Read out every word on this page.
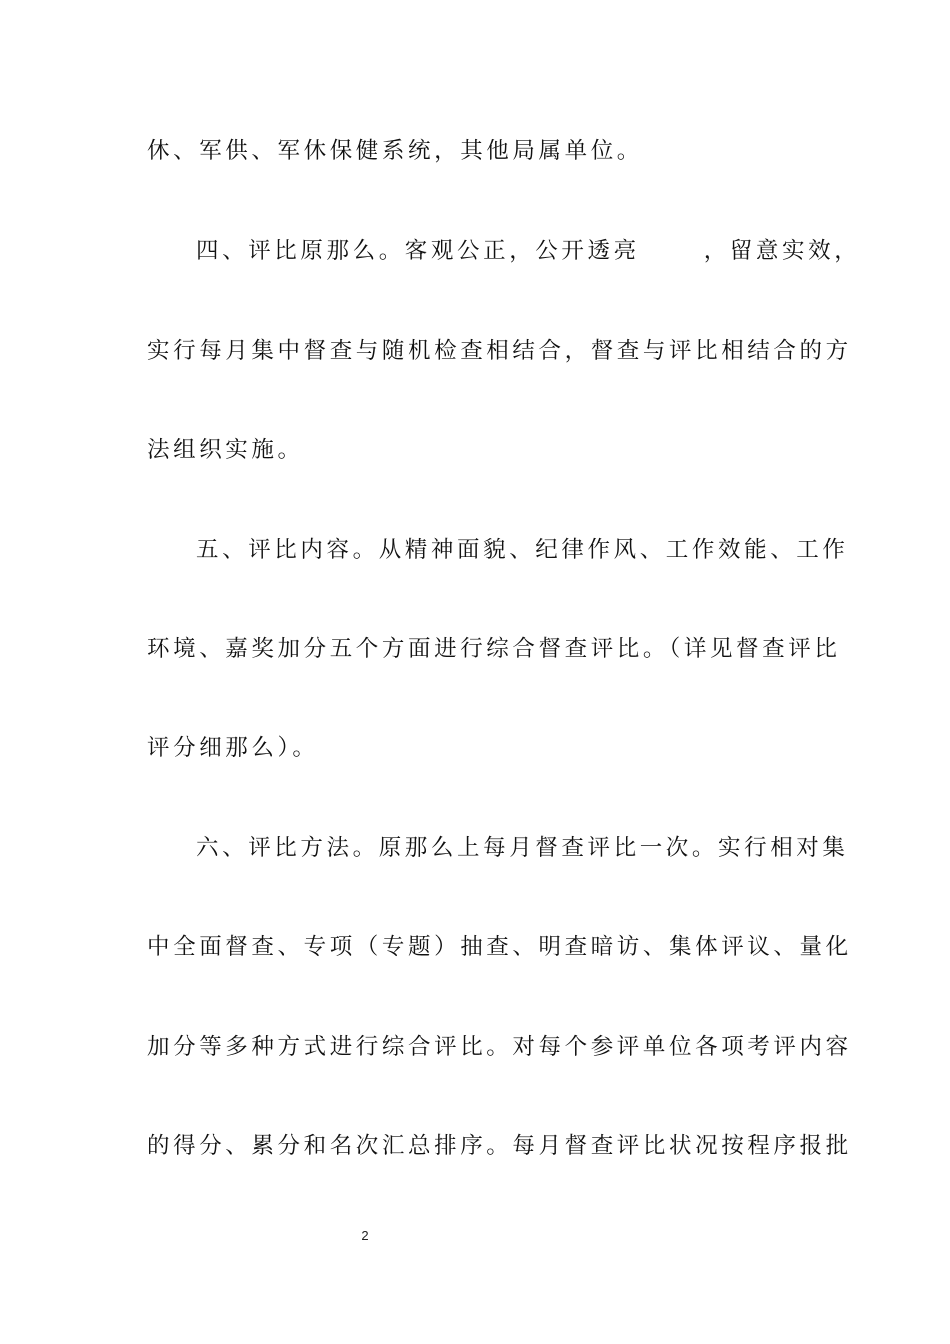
休、军供、军休保健系统，其他局属单位。
四、评比原那么。客观公正，公开透亮	，留意实效，
实行每月集中督查与随机检查相结合，督查与评比相结合的方
法组织实施。
五、评比内容。从精神面貌、纪律作风、工作效能、工作
环境、嘉奖加分五个方面进行综合督查评比。（详见督查评比
评分细那么）。
六、评比方法。原那么上每月督查评比一次。实行相对集
中全面督查、专项（专题）抽查、明查暗访、集体评议、量化
加分等多种方式进行综合评比。对每个参评单位各项考评内容
的得分、累分和名次汇总排序。每月督查评比状况按程序报批
2
